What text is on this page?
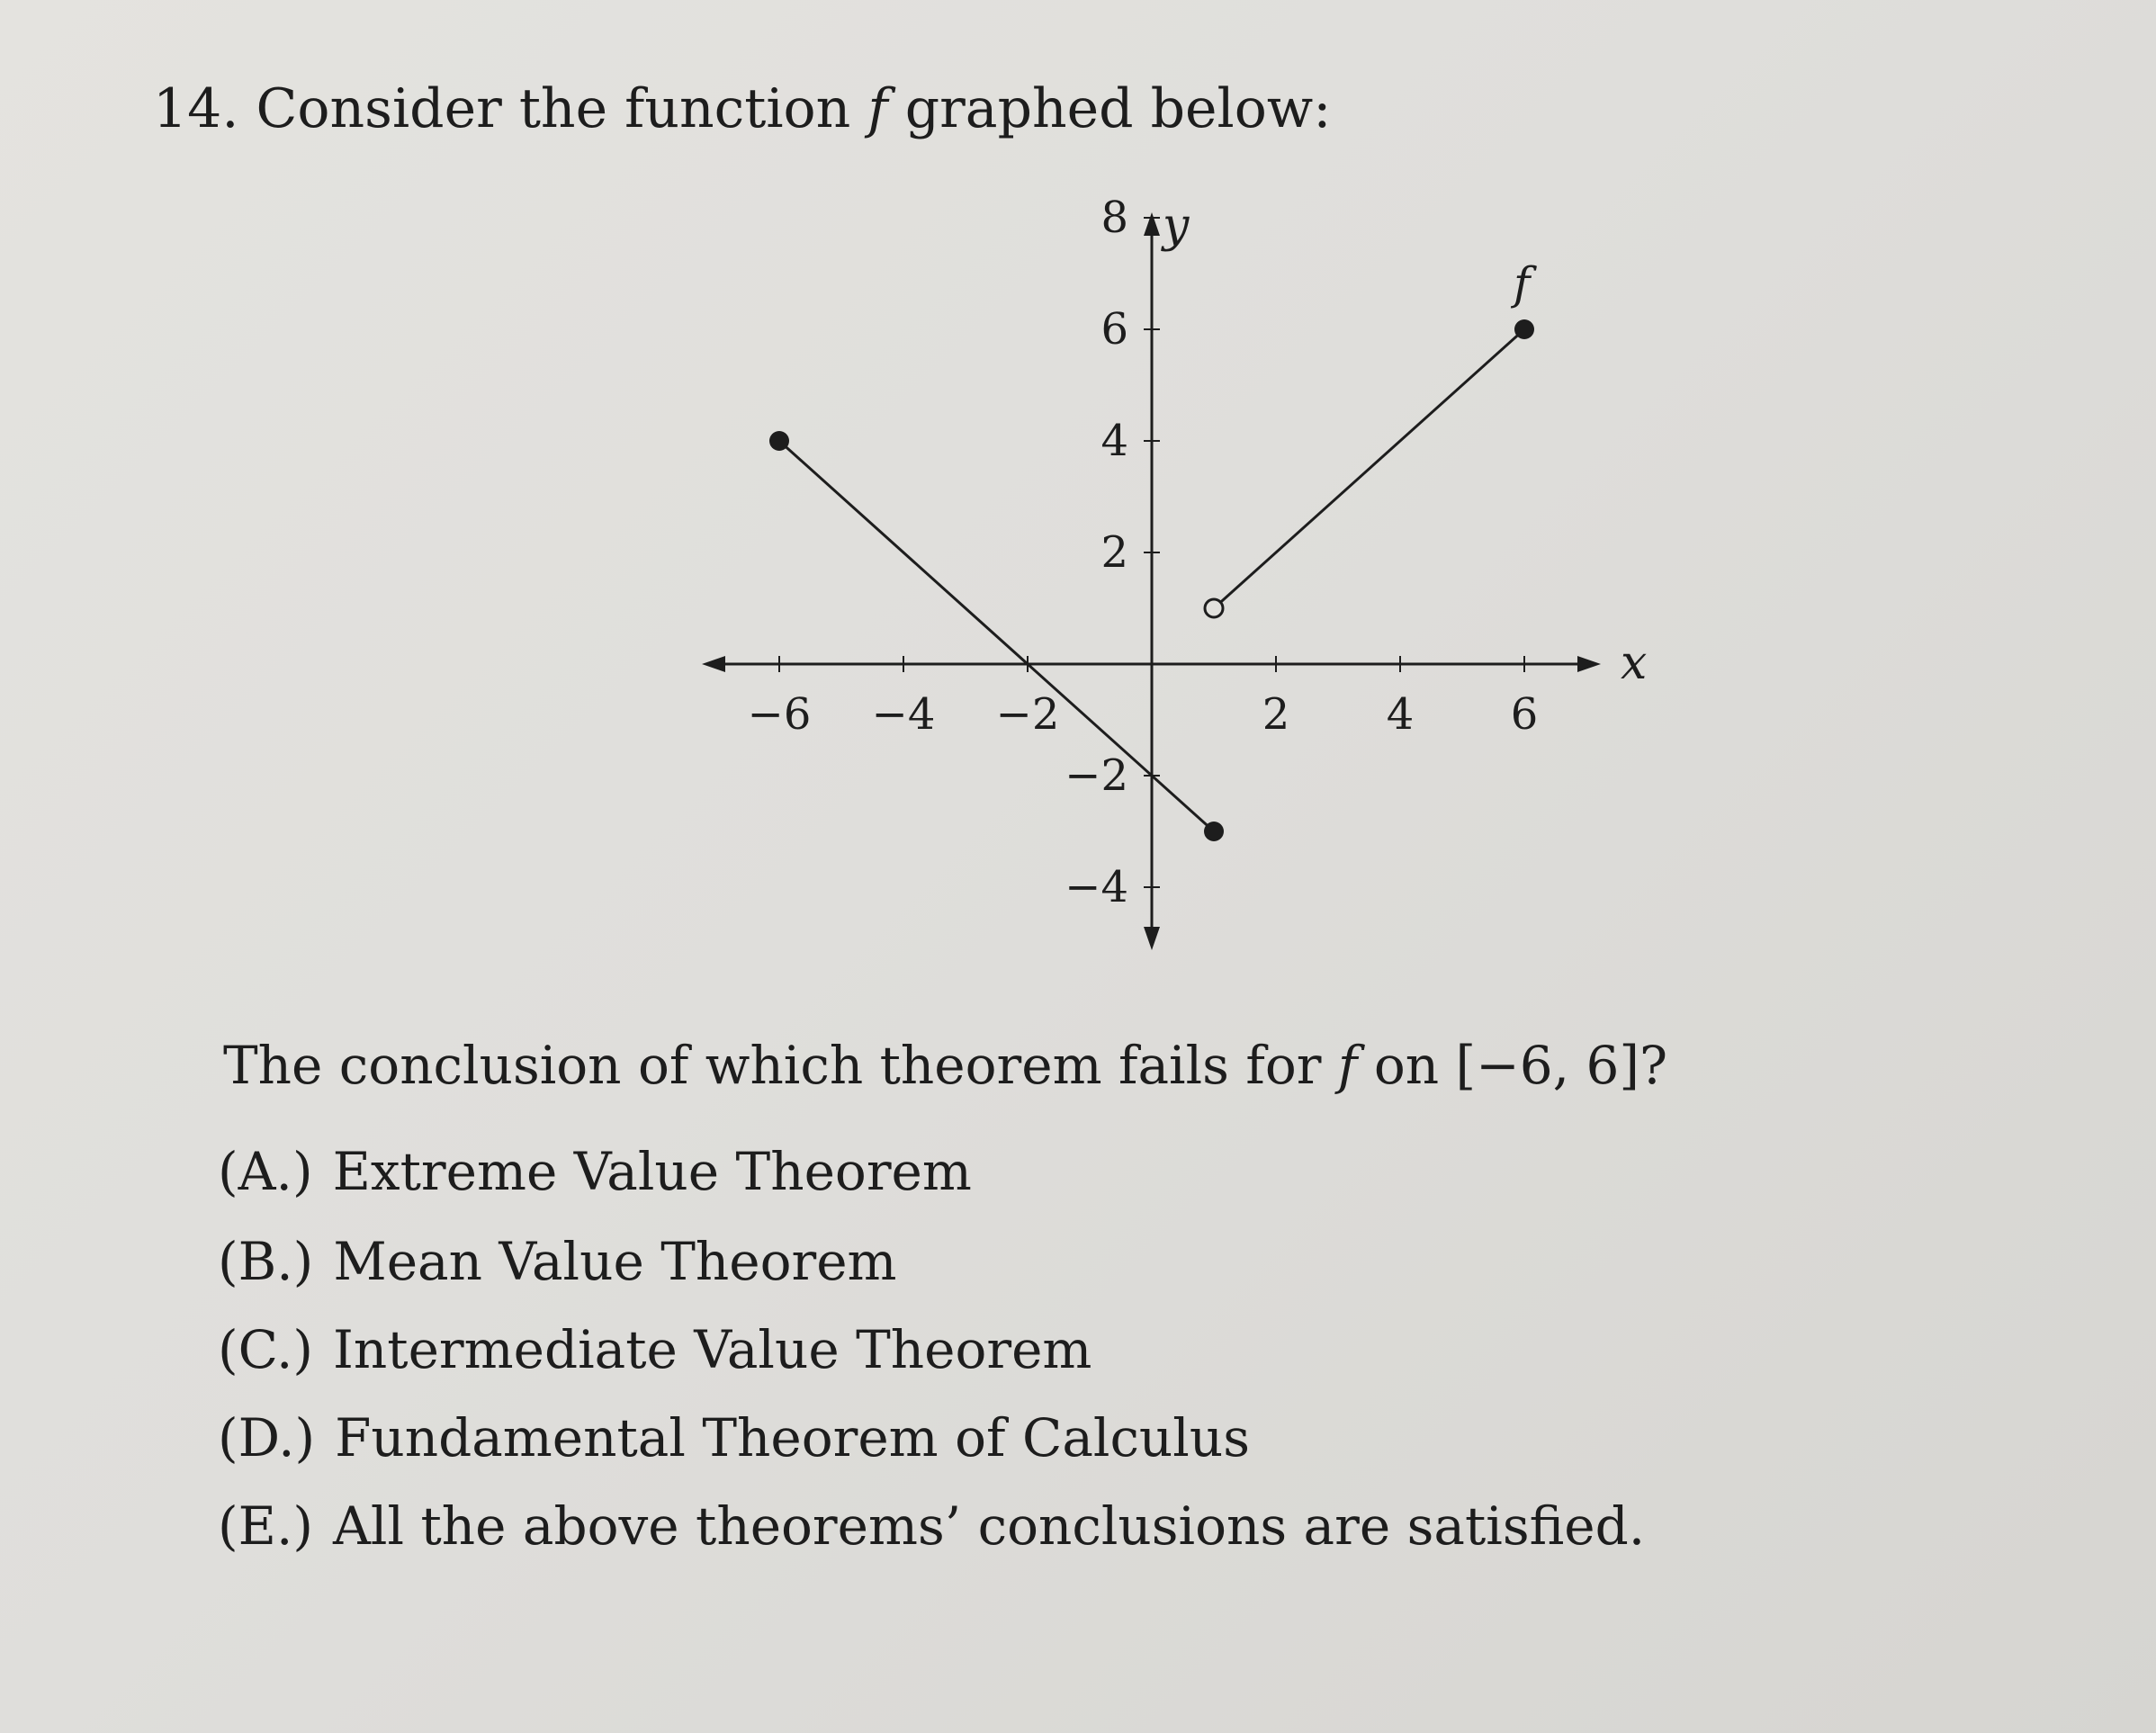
14. Consider the function f graphed below:
−6 −4 −2	2 4 6
−4
−2
2
4
6
8
x
y
f
The conclusion of which theorem fails for f on [−6, 6]?
(A.) Extreme Value Theorem
(B.) Mean Value Theorem
(C.) Intermediate Value Theorem
(D.) Fundamental Theorem of Calculus
(E.) All the above theorems’ conclusions are satisfied.
